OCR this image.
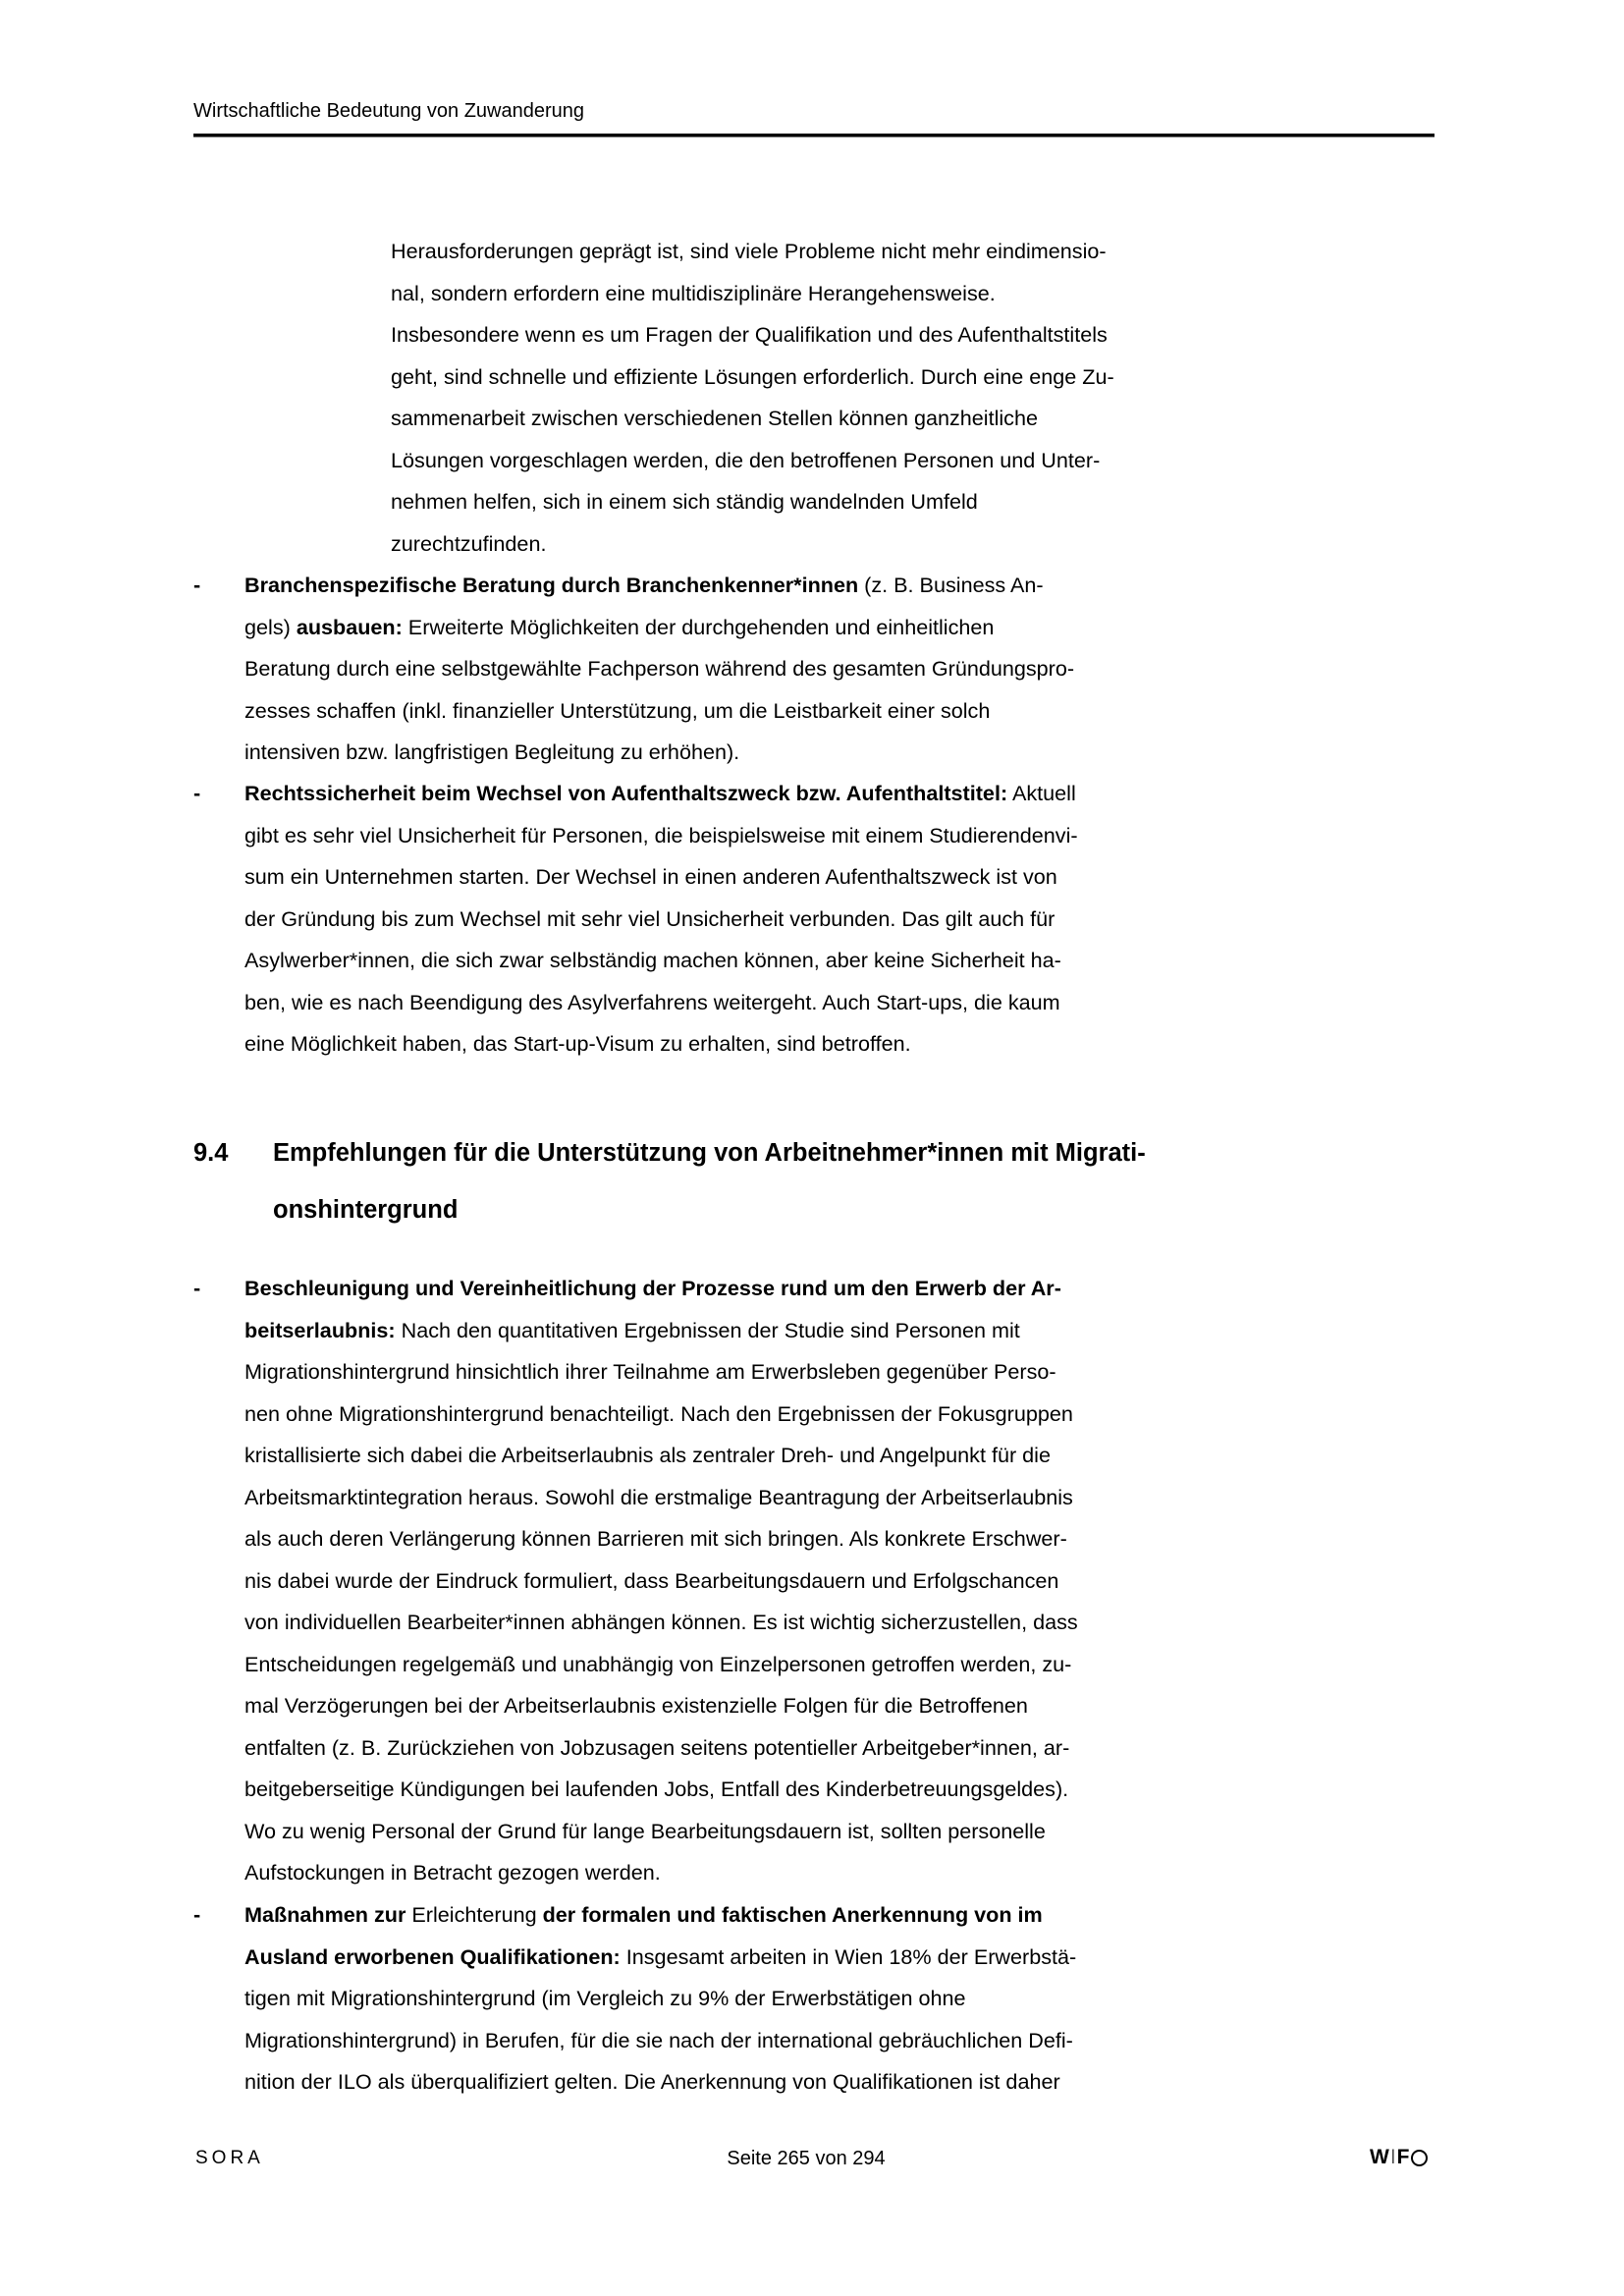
Wirtschaftliche Bedeutung von Zuwanderung
Herausforderungen geprägt ist, sind viele Probleme nicht mehr eindimensio-
nal, sondern erfordern eine multidisziplinäre Herangehensweise.
Insbesondere wenn es um Fragen der Qualifikation und des Aufenthaltstitels
geht, sind schnelle und effiziente Lösungen erforderlich. Durch eine enge Zu-
sammenarbeit zwischen verschiedenen Stellen können ganzheitliche
Lösungen vorgeschlagen werden, die den betroffenen Personen und Unter-
nehmen helfen, sich in einem sich ständig wandelnden Umfeld
zurechtzufinden.
- Branchenspezifische Beratung durch Branchenkenner*innen (z. B. Business An-
gels) ausbauen: Erweiterte Möglichkeiten der durchgehenden und einheitlichen
Beratung durch eine selbstgewählte Fachperson während des gesamten Gründungspro-
zesses schaffen (inkl. finanzieller Unterstützung, um die Leistbarkeit einer solch
intensiven bzw. langfristigen Begleitung zu erhöhen).
- Rechtssicherheit beim Wechsel von Aufenthaltszweck bzw. Aufenthaltstitel: Aktuell
gibt es sehr viel Unsicherheit für Personen, die beispielsweise mit einem Studierendenvi-
sum ein Unternehmen starten. Der Wechsel in einen anderen Aufenthaltszweck ist von
der Gründung bis zum Wechsel mit sehr viel Unsicherheit verbunden. Das gilt auch für
Asylwerber*innen, die sich zwar selbständig machen können, aber keine Sicherheit ha-
ben, wie es nach Beendigung des Asylverfahrens weitergeht. Auch Start-ups, die kaum
eine Möglichkeit haben, das Start-up-Visum zu erhalten, sind betroffen.
9.4 Empfehlungen für die Unterstützung von Arbeitnehmer*innen mit Migrati-
onshintergrund
- Beschleunigung und Vereinheitlichung der Prozesse rund um den Erwerb der Ar-
beitserlaubnis: Nach den quantitativen Ergebnissen der Studie sind Personen mit
Migrationshintergrund hinsichtlich ihrer Teilnahme am Erwerbsleben gegenüber Perso-
nen ohne Migrationshintergrund benachteiligt. Nach den Ergebnissen der Fokusgruppen
kristallisierte sich dabei die Arbeitserlaubnis als zentraler Dreh- und Angelpunkt für die
Arbeitsmarktintegration heraus. Sowohl die erstmalige Beantragung der Arbeitserlaubnis
als auch deren Verlängerung können Barrieren mit sich bringen. Als konkrete Erschwer-
nis dabei wurde der Eindruck formuliert, dass Bearbeitungsdauern und Erfolgschancen
von individuellen Bearbeiter*innen abhängen können. Es ist wichtig sicherzustellen, dass
Entscheidungen regelgemäß und unabhängig von Einzelpersonen getroffen werden, zu-
mal Verzögerungen bei der Arbeitserlaubnis existenzielle Folgen für die Betroffenen
entfalten (z. B. Zurückziehen von Jobzusagen seitens potentieller Arbeitgeber*innen, ar-
beitgeberseitige Kündigungen bei laufenden Jobs, Entfall des Kinderbetreuungsgeldes).
Wo zu wenig Personal der Grund für lange Bearbeitungsdauern ist, sollten personelle
Aufstockungen in Betracht gezogen werden.
- Maßnahmen zur Erleichterung der formalen und faktischen Anerkennung von im
Ausland erworbenen Qualifikationen: Insgesamt arbeiten in Wien 18% der Erwerbstä-
tigen mit Migrationshintergrund (im Vergleich zu 9% der Erwerbstätigen ohne
Migrationshintergrund) in Berufen, für die sie nach der international gebräuchlichen Defi-
nition der ILO als überqualifiziert gelten. Die Anerkennung von Qualifikationen ist daher
SORA	Seite 265 von 294	W I F
